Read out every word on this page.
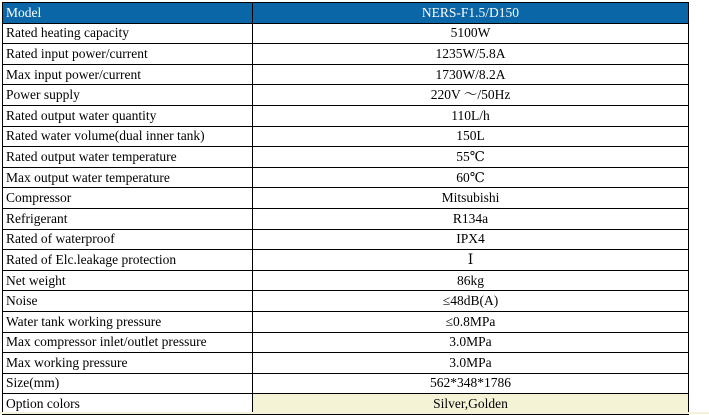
Model	NERS-F1.5/D150
Rated heating capacity	5100W
Rated input power/current	1235W/5.8A
Max input power/current	1730W/8.2A
Power supply	220V ～/50Hz
Rated output water quantity	110L/h
Rated water volume(dual inner tank)	150L
Rated output water temperature	55℃
Max output water temperature	60℃
Compressor	Mitsubishi
Refrigerant	R134a
Rated of waterproof	IPX4
Rated of Elc.leakage protection	Ⅰ
Net weight	86kg
Noise	≤48dB(A)
Water tank working pressure	≤0.8MPa
Max compressor inlet/outlet pressure	3.0MPa
Max working pressure	3.0MPa
Size(mm)	562*348*1786
Option colors	Silver,Golden
